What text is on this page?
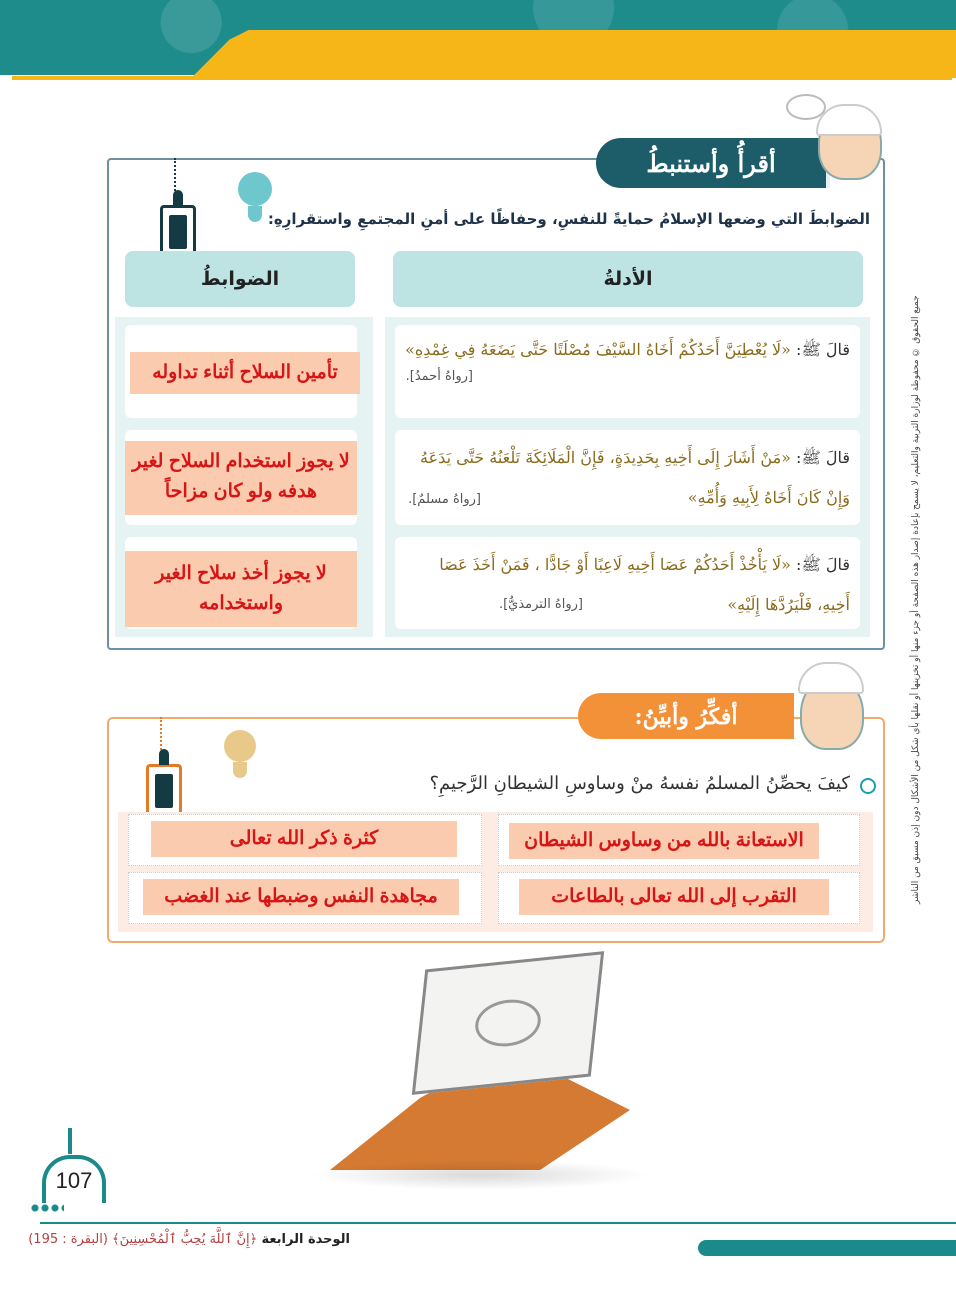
جميع الحقوق © محفوظة لوزارة التربية والتعليم، لا يسمح بإعادة إصدار هذه الصفحة أو جزء منها أو تخزينها أو نقلها بأي شكل من الأشكال دون إذن مسبق من الناشر
أقرأُ وأستنبطُ
الضوابطَ التي وضعها الإسلامُ حمايةً للنفسِ، وحفاظًا على أمنِ المجتمعِ واستقرارِهِ:
الأدلةُ
الضوابطُ
قالَ ﷺ: «لَا يُعْطِيَنَّ أَحَدُكُمْ أَخَاهُ السَّيْفَ مُصْلَتًا حَتَّى يَضَعَهُ فِي غِمْدِهِ»
[رواهُ أحمدُ].
تأمين السلاح أثناء تداوله
قالَ ﷺ: «مَنْ أَشَارَ إِلَى أَخِيهِ بِحَدِيدَةٍ، فَإِنَّ الْمَلَائِكَةَ تَلْعَنُهُ حَتَّى يَدَعَهُ وَإِنْ كَانَ أَخَاهُ لِأَبِيهِ وَأُمِّهِ»
[رواهُ مسلمٌ].
لا يجوز استخدام السلاح لغير هدفه ولو كان مزاحاً
قالَ ﷺ: «لَا يَأْخُذْ أَحَدُكُمْ عَصَا أَخِيهِ لَاعِبًا أَوْ جَادًّا ، فَمَنْ أَخَذَ عَصَا أَخِيهِ، فَلْيَرُدَّهَا إِلَيْهِ»
[رواهُ الترمذيُّ].
لا يجوز أخذ سلاح الغير واستخدامه
أفكِّرُ وأبيِّنُ:
كيفَ يحصِّنُ المسلمُ نفسهُ منْ وساوسِ الشيطانِ الرَّجيمِ؟
الاستعانة بالله من وساوس الشيطان
كثرة ذكر الله تعالى
التقرب إلى الله تعالى بالطاعات
مجاهدة النفس وضبطها عند الغضب
107
الوحدة الرابعة ﴿إِنَّ ٱللَّهَ يُحِبُّ ٱلْمُحْسِنِينَ﴾ (البقرة : 195)
